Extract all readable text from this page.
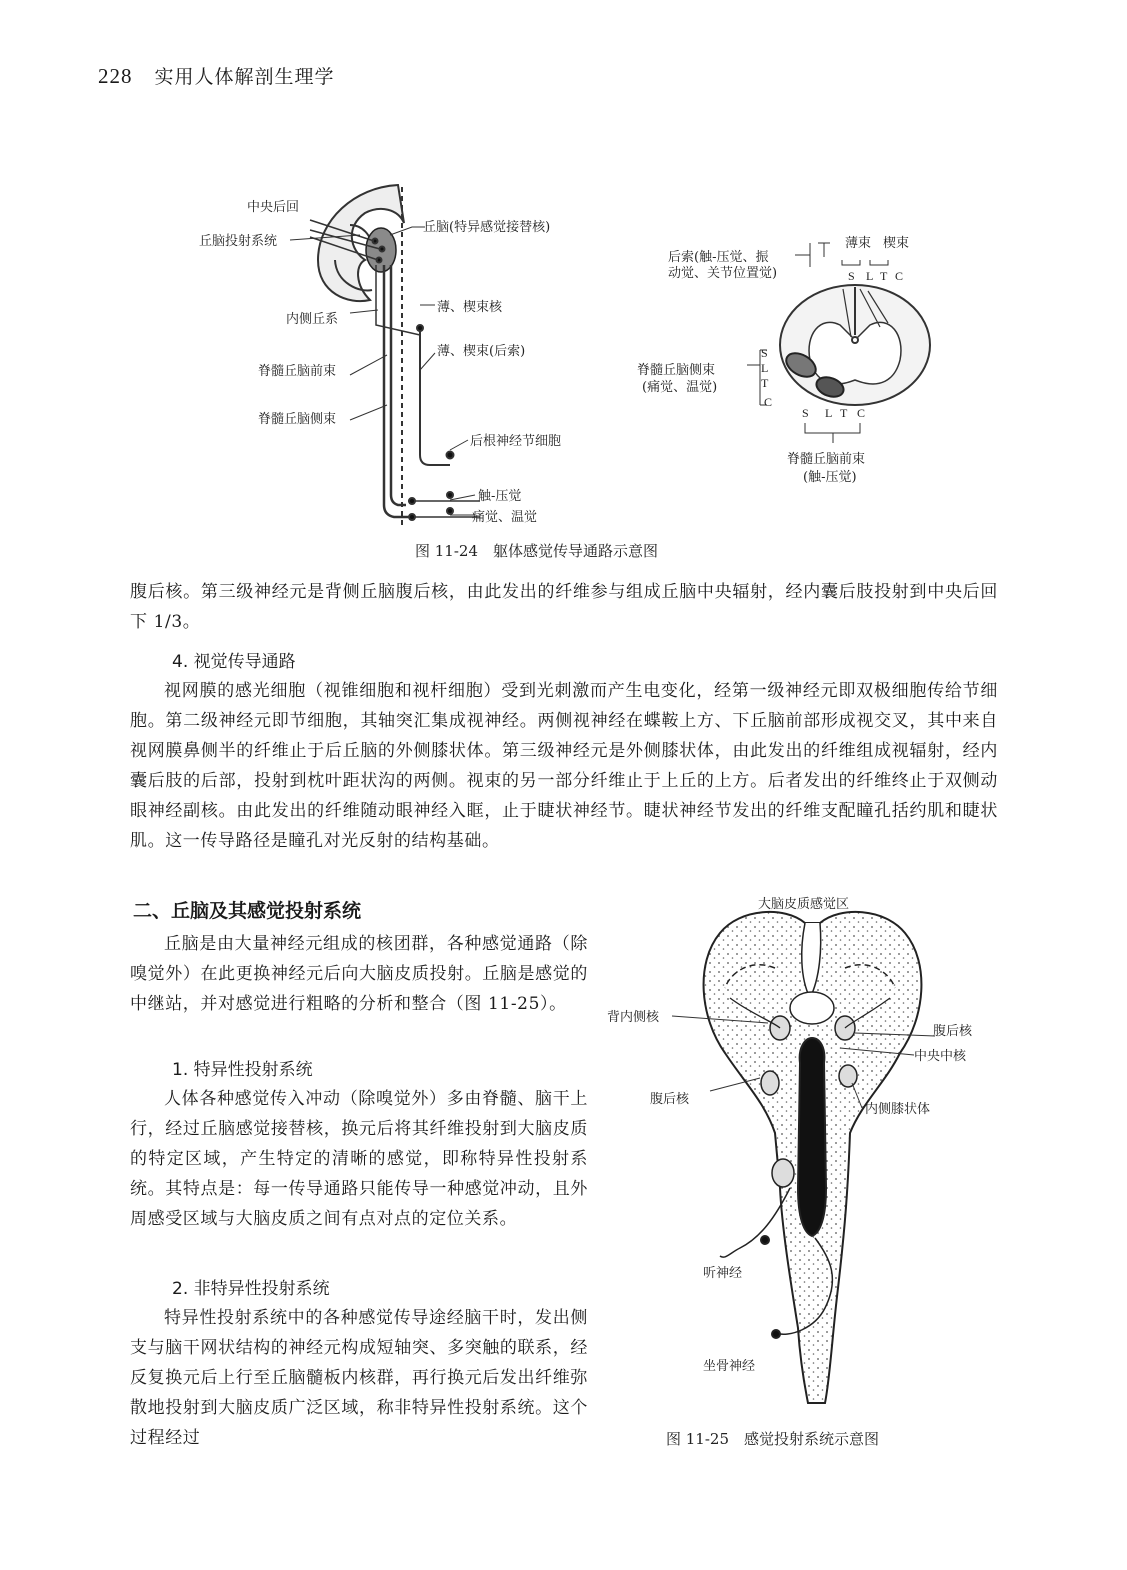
228 实用人体解剖生理学
中央后回
丘脑投射系统
丘脑(特异感觉接替核)
内侧丘系
薄、楔束核
薄、楔束(后索)
脊髓丘脑前束
脊髓丘脑侧束
后根神经节细胞
触-压觉
痛觉、温觉
后索(触-压觉、振
动觉、关节位置觉)
薄束 楔束
S L T C
脊髓丘脑侧束
(痛觉、温觉)
S
L
T
C
S L T C
脊髓丘脑前束
(触-压觉)
图 11-24　躯体感觉传导通路示意图

腹后核。第三级神经元是背侧丘脑腹后核，由此发出的纤维参与组成丘脑中央辐射，经内囊后肢投射到中央后回下 1/3。

4. 视觉传导通路

视网膜的感光细胞（视锥细胞和视杆细胞）受到光刺激而产生电变化，经第一级神经元即双极细胞传给节细胞。第二级神经元即节细胞，其轴突汇集成视神经。两侧视神经在蝶鞍上方、下丘脑前部形成视交叉，其中来自视网膜鼻侧半的纤维止于后丘脑的外侧膝状体。第三级神经元是外侧膝状体，由此发出的纤维组成视辐射，经内囊后肢的后部，投射到枕叶距状沟的两侧。视束的另一部分纤维止于上丘的上方。后者发出的纤维终止于双侧动眼神经副核。由此发出的纤维随动眼神经入眶，止于睫状神经节。睫状神经节发出的纤维支配瞳孔括约肌和睫状肌。这一传导路径是瞳孔对光反射的结构基础。

二、丘脑及其感觉投射系统

丘脑是由大量神经元组成的核团群，各种感觉通路（除嗅觉外）在此更换神经元后向大脑皮质投射。丘脑是感觉的中继站，并对感觉进行粗略的分析和整合（图 11-25）。

1. 特异性投射系统

人体各种感觉传入冲动（除嗅觉外）多由脊髓、脑干上行，经过丘脑感觉接替核，换元后将其纤维投射到大脑皮质的特定区域，产生特定的清晰的感觉，即称特异性投射系统。其特点是：每一传导通路只能传导一种感觉冲动，且外周感受区域与大脑皮质之间有点对点的定位关系。

2. 非特异性投射系统

特异性投射系统中的各种感觉传导途经脑干时，发出侧支与脑干网状结构的神经元构成短轴突、多突触的联系，经反复换元后上行至丘脑髓板内核群，再行换元后发出纤维弥散地投射到大脑皮质广泛区域，称非特异性投射系统。这个过程经过

大脑皮质感觉区
背内侧核
腹后核
中央中核
腹后核
内侧膝状体
听神经
坐骨神经
图 11-25　感觉投射系统示意图
